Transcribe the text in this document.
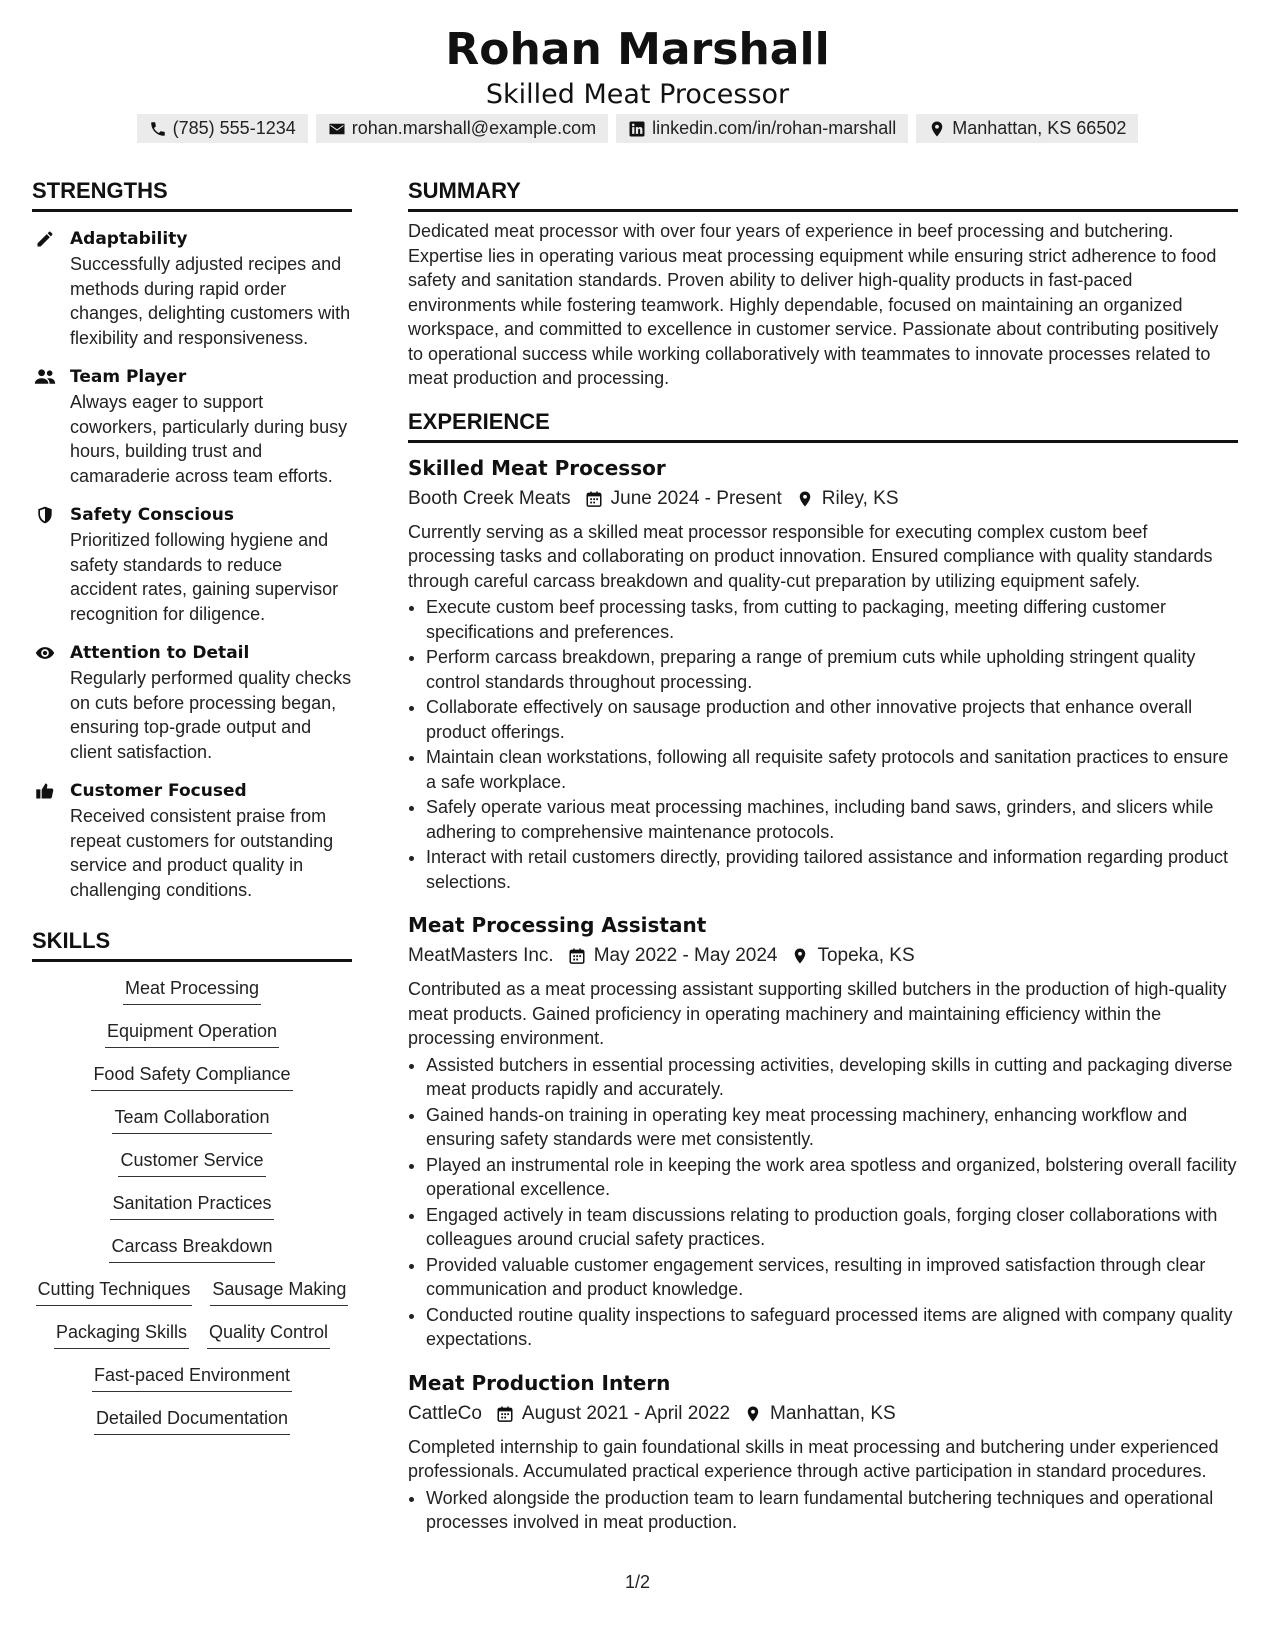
Rohan Marshall
Skilled Meat Processor
(785) 555-1234	rohan.marshall@example.com	linkedin.com/in/rohan-marshall	Manhattan, KS 66502
STRENGTHS
Adaptability
Successfully adjusted recipes and methods during rapid order changes, delighting customers with flexibility and responsiveness.
Team Player
Always eager to support coworkers, particularly during busy hours, building trust and camaraderie across team efforts.
Safety Conscious
Prioritized following hygiene and safety standards to reduce accident rates, gaining supervisor recognition for diligence.
Attention to Detail
Regularly performed quality checks on cuts before processing began, ensuring top-grade output and client satisfaction.
Customer Focused
Received consistent praise from repeat customers for outstanding service and product quality in challenging conditions.
SKILLS
Meat Processing
Equipment Operation
Food Safety Compliance
Team Collaboration
Customer Service
Sanitation Practices
Carcass Breakdown
Cutting Techniques Sausage Making
Packaging Skills Quality Control
Fast-paced Environment
Detailed Documentation
SUMMARY
Dedicated meat processor with over four years of experience in beef processing and butchering. Expertise lies in operating various meat processing equipment while ensuring strict adherence to food safety and sanitation standards. Proven ability to deliver high-quality products in fast-paced environments while fostering teamwork. Highly dependable, focused on maintaining an organized workspace, and committed to excellence in customer service. Passionate about contributing positively to operational success while working collaboratively with teammates to innovate processes related to meat production and processing.
EXPERIENCE
Skilled Meat Processor
Booth Creek Meats June 2024 - Present Riley, KS
Currently serving as a skilled meat processor responsible for executing complex custom beef processing tasks and collaborating on product innovation. Ensured compliance with quality standards through careful carcass breakdown and quality-cut preparation by utilizing equipment safely.
• Execute custom beef processing tasks, from cutting to packaging, meeting differing customer specifications and preferences.
• Perform carcass breakdown, preparing a range of premium cuts while upholding stringent quality control standards throughout processing.
• Collaborate effectively on sausage production and other innovative projects that enhance overall product offerings.
• Maintain clean workstations, following all requisite safety protocols and sanitation practices to ensure a safe workplace.
• Safely operate various meat processing machines, including band saws, grinders, and slicers while adhering to comprehensive maintenance protocols.
• Interact with retail customers directly, providing tailored assistance and information regarding product selections.
Meat Processing Assistant
MeatMasters Inc. May 2022 - May 2024 Topeka, KS
Contributed as a meat processing assistant supporting skilled butchers in the production of high-quality meat products. Gained proficiency in operating machinery and maintaining efficiency within the processing environment.
• Assisted butchers in essential processing activities, developing skills in cutting and packaging diverse meat products rapidly and accurately.
• Gained hands-on training in operating key meat processing machinery, enhancing workflow and ensuring safety standards were met consistently.
• Played an instrumental role in keeping the work area spotless and organized, bolstering overall facility operational excellence.
• Engaged actively in team discussions relating to production goals, forging closer collaborations with colleagues around crucial safety practices.
• Provided valuable customer engagement services, resulting in improved satisfaction through clear communication and product knowledge.
• Conducted routine quality inspections to safeguard processed items are aligned with company quality expectations.
Meat Production Intern
CattleCo August 2021 - April 2022 Manhattan, KS
Completed internship to gain foundational skills in meat processing and butchering under experienced professionals. Accumulated practical experience through active participation in standard procedures.
• Worked alongside the production team to learn fundamental butchering techniques and operational processes involved in meat production.
1/2
